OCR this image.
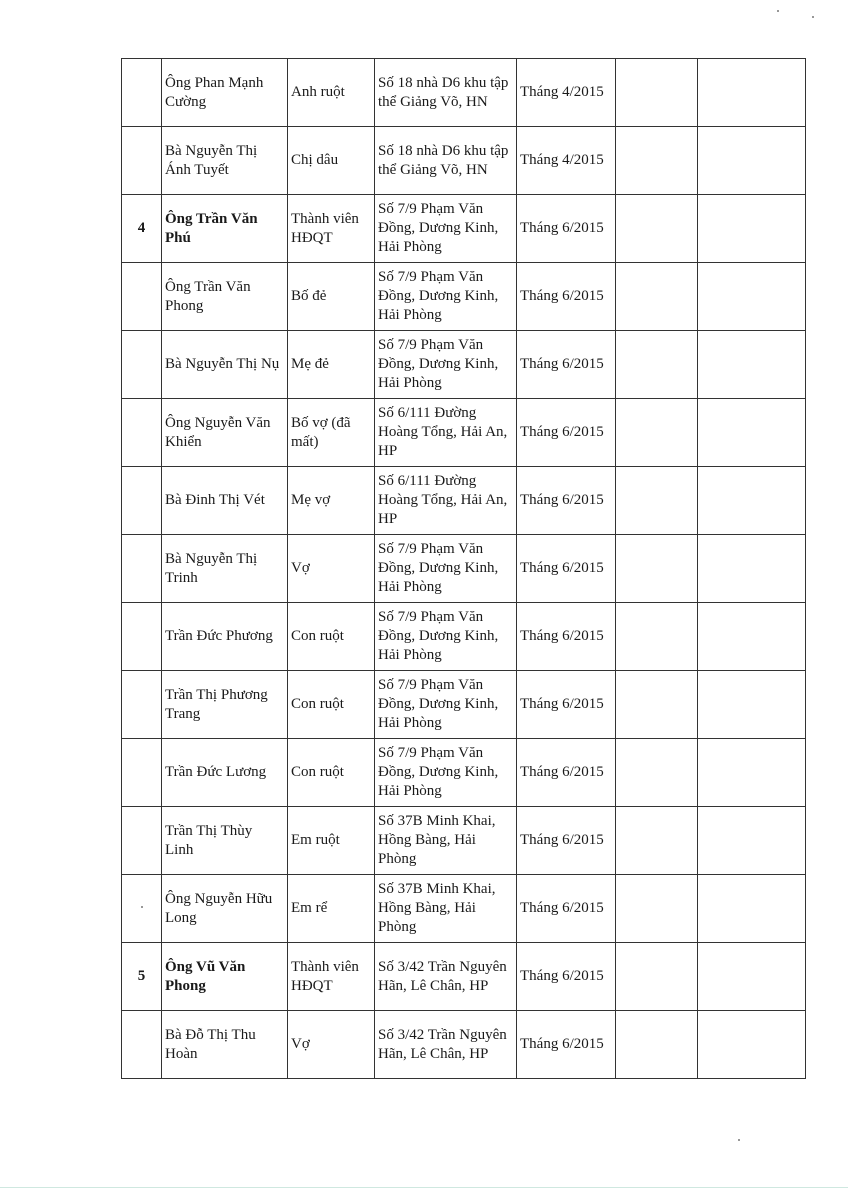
	Ông Phan Mạnh Cường	Anh ruột	Số 18 nhà D6 khu tập thể Giảng Võ, HN	Tháng 4/2015		
	Bà Nguyễn Thị Ánh Tuyết	Chị dâu	Số 18 nhà D6 khu tập thể Giảng Võ, HN	Tháng 4/2015		
4	Ông Trần Văn Phú	Thành viên HĐQT	Số 7/9 Phạm Văn Đồng, Dương Kinh, Hải Phòng	Tháng 6/2015		
	Ông Trần Văn Phong	Bố đẻ	Số 7/9 Phạm Văn Đồng, Dương Kinh, Hải Phòng	Tháng 6/2015		
	Bà Nguyễn Thị Nụ	Mẹ đẻ	Số 7/9 Phạm Văn Đồng, Dương Kinh, Hải Phòng	Tháng 6/2015		
	Ông Nguyễn Văn Khiển	Bố vợ (đã mất)	Số 6/111 Đường Hoàng Tổng, Hải An, HP	Tháng 6/2015		
	Bà Đinh Thị Vét	Mẹ vợ	Số 6/111 Đường Hoàng Tổng, Hải An, HP	Tháng 6/2015		
	Bà Nguyễn Thị Trinh	Vợ	Số 7/9 Phạm Văn Đồng, Dương Kinh, Hải Phòng	Tháng 6/2015		
	Trần Đức Phương	Con ruột	Số 7/9 Phạm Văn Đồng, Dương Kinh, Hải Phòng	Tháng 6/2015		
	Trần Thị Phương Trang	Con ruột	Số 7/9 Phạm Văn Đồng, Dương Kinh, Hải Phòng	Tháng 6/2015		
	Trần Đức Lương	Con ruột	Số 7/9 Phạm Văn Đồng, Dương Kinh, Hải Phòng	Tháng 6/2015		
	Trần Thị Thùy Linh	Em ruột	Số 37B Minh Khai, Hồng Bàng, Hải Phòng	Tháng 6/2015		
	Ông Nguyễn Hữu Long	Em rể	Số 37B Minh Khai, Hồng Bàng, Hải Phòng	Tháng 6/2015		
5	Ông Vũ Văn Phong	Thành viên HĐQT	Số 3/42 Trần Nguyên Hãn, Lê Chân, HP	Tháng 6/2015		
	Bà Đỗ Thị Thu Hoàn	Vợ	Số 3/42 Trần Nguyên Hãn, Lê Chân, HP	Tháng 6/2015		
